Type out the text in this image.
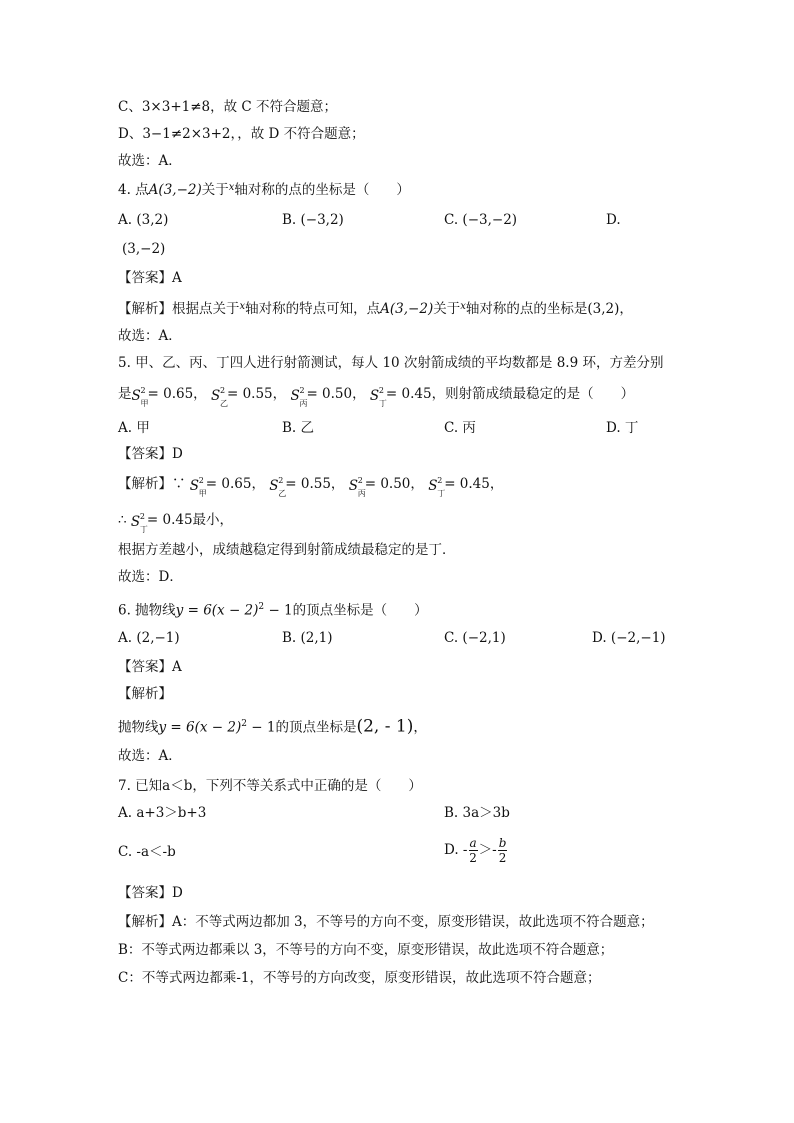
C、3×3+1≠8，故 C 不符合题意；
D、3−1≠2×3+2，，故 D 不符合题意；
故选：A．
4. 点A(3,−2)关于$^x$轴对称的点的坐标是（　　）
A. (3,2)	B. (−3,2)	C. (−3,−2)	D.
(3,−2)
【答案】A
【解析】根据点关于$^x$轴对称的特点可知，点A(3,−2)关于$^x$轴对称的点的坐标是(3,2)，
故选：A．
5. 甲、乙、丙、丁四人进行射箭测试，每人 10 次射箭成绩的平均数都是 8.9 环，方差分别
是 S 2
甲
= 0.65， S 2
乙
= 0.55， S 2
丙
= 0.50， S 2
丁
= 0.45，则射箭成绩最稳定的是（　　）
A. 甲	B. 乙	C. 丙	D. 丁
【答案】D
【解析】∵ S 2
甲
= 0.65， S 2
乙
= 0.55， S 2
丙
= 0.50， S 2
丁
= 0.45，
∴ S 2
丁
= 0.45最小，
根据方差越小，成绩越稳定得到射箭成绩最稳定的是丁．
故选：D．
6. 抛物线$y = 6(x - 2)^2 - 1$的顶点坐标是（　　）
A. (2,−1)	B. (2,1)	C. (−2,1)	D. (−2,−1)
【答案】A
【解析】
抛物线$y = 6(x - 2)^2 - 1$的顶点坐标是(2, - 1)，
故选：A．
7. 已知a＜b，下列不等关系式中正确的是（　　）
A. a+3＞b+3	B. 3a＞3b
C. -a＜-b	D. - $\frac{a}{2} >- \frac{b}{2}$
【答案】D
【解析】A：不等式两边都加 3，不等号的方向不变，原变形错误，故此选项不符合题意；
B：不等式两边都乘以 3，不等号的方向不变，原变形错误，故此选项不符合题意；
C：不等式两边都乘-1，不等号的方向改变，原变形错误，故此选项不符合题意；
